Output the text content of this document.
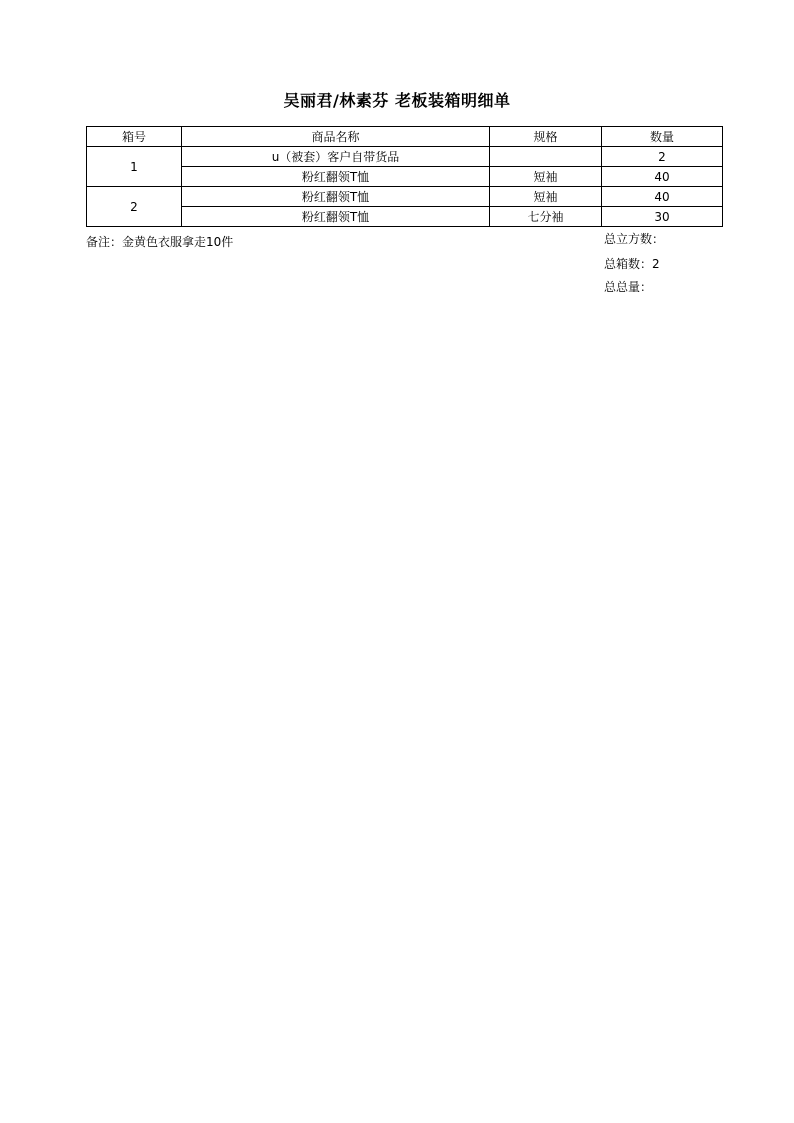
吴丽君/林素芬 老板装箱明细单
箱号	商品名称	规格	数量
1	u（被套）客户自带货品		2
	粉红翻领T恤	短袖	40
2	粉红翻领T恤	短袖	40
	粉红翻领T恤	七分袖	30
备注：金黄色衣服拿走10件	总立方数：
总箱数：2
总总量：
